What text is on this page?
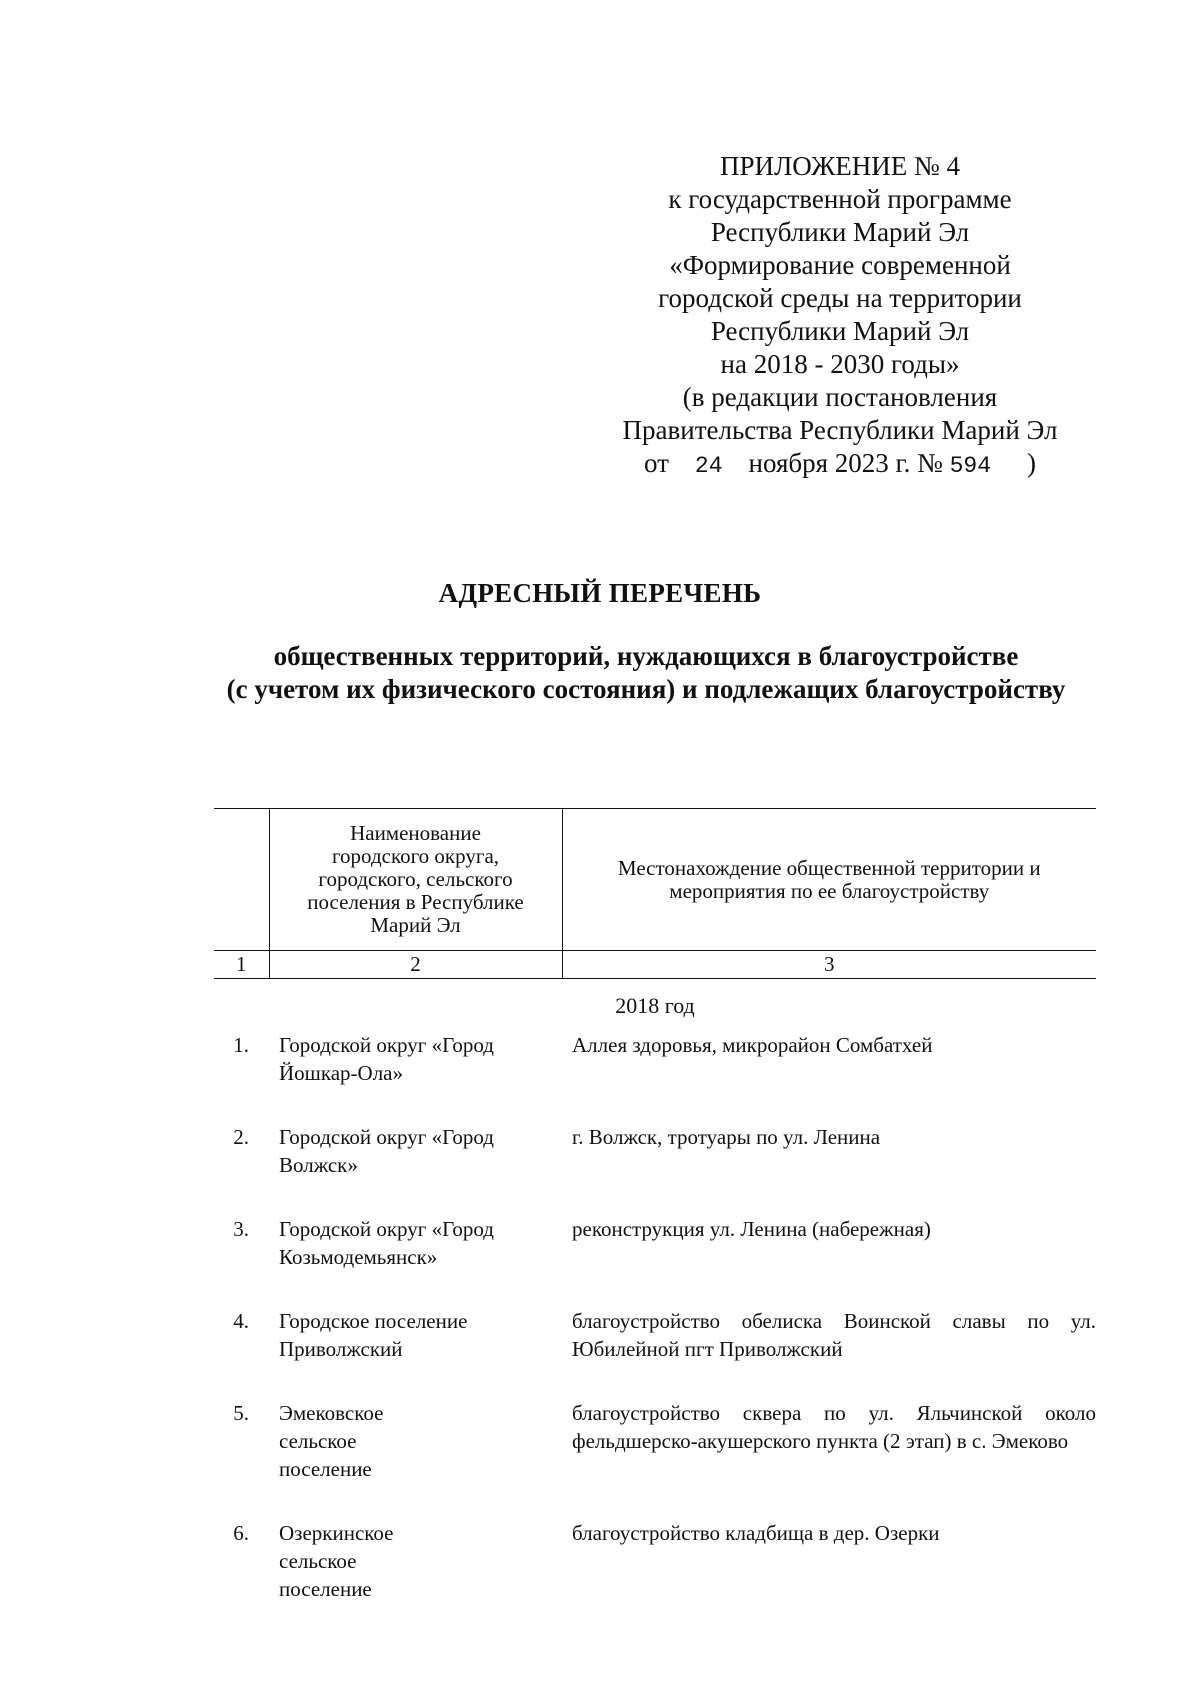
ПРИЛОЖЕНИЕ № 4
к государственной программе
Республики Марий Эл
«Формирование современной
городской среды на территории
Республики Марий Эл
на 2018 - 2030 годы»
(в редакции постановления
Правительства Республики Марий Эл
от 24 ноября 2023 г. № 594 )
АДРЕСНЫЙ ПЕРЕЧЕНЬ
общественных территорий, нуждающихся в благоустройстве
(с учетом их физического состояния) и подлежащих благоустройству
	Наименование городского округа, городского, сельского поселения в Республике Марий Эл	Местонахождение общественной территории и мероприятия по ее благоустройству
1	2	3
2018 год		
1.	Городской округ «Город Йошкар-Ола»	Аллея здоровья, микрорайон Сомбатхей
2.	Городской округ «Город Волжск»	г. Волжск, тротуары по ул. Ленина
3.	Городской округ «Город Козьмодемьянск»	реконструкция ул. Ленина (набережная)
4.	Городское поселение Приволжский	благоустройство обелиска Воинской славы по ул. Юбилейной пгт Приволжский
5.	Эмековское сельское поселение	благоустройство сквера по ул. Яльчинской около фельдшерско-акушерского пункта (2 этап) в с. Эмеково
6.	Озеркинское сельское поселение	благоустройство кладбища в дер. Озерки
